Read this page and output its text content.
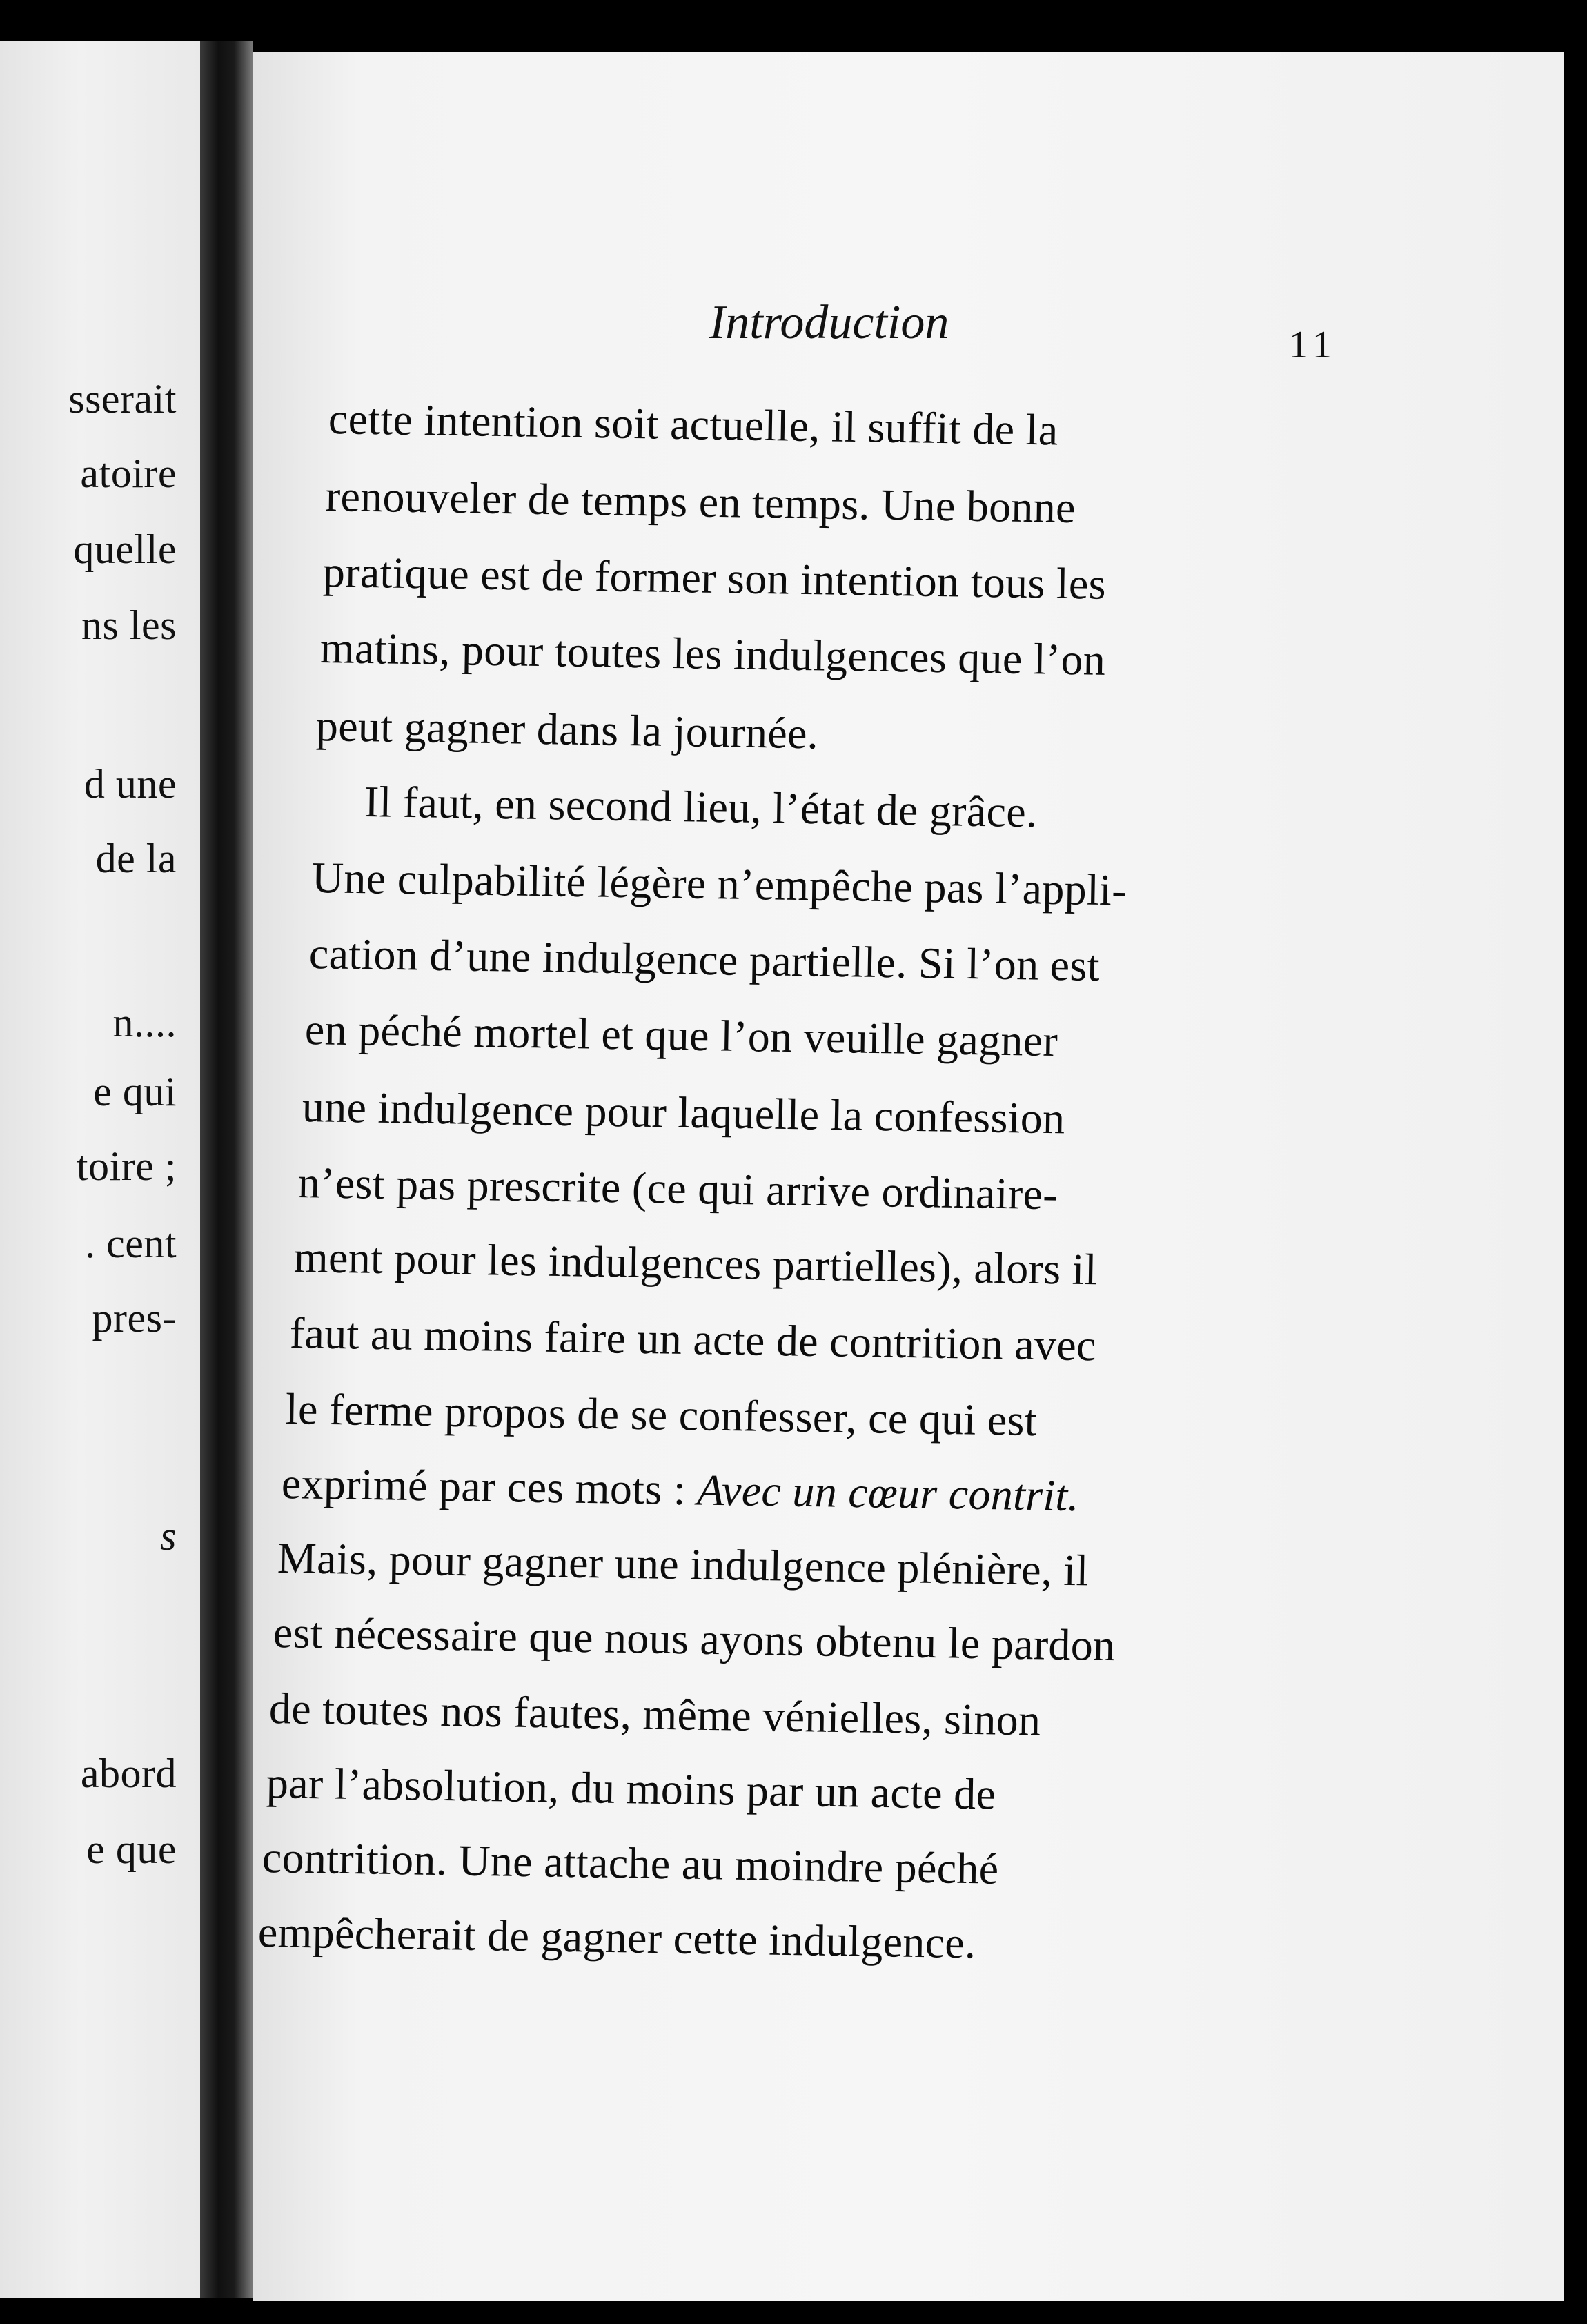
sserait
atoire
quelle
ns les
d une
de la
n....
e qui
toire ;
. cent
pres-
s
abord
e que
Introduction	11
cette intention soit actuelle, il suffit de la
renouveler de temps en temps. Une bonne
pratique est de former son intention tous les
matins, pour toutes les indulgences que l’on
peut gagner dans la journée.
Il faut, en second lieu, l’état de grâce.
Une culpabilité légère n’empêche pas l’appli-
cation d’une indulgence partielle. Si l’on est
en péché mortel et que l’on veuille gagner
une indulgence pour laquelle la confession
n’est pas prescrite (ce qui arrive ordinaire-
ment pour les indulgences partielles), alors il
faut au moins faire un acte de contrition avec
le ferme propos de se confesser, ce qui est
exprimé par ces mots : Avec un cœur contrit.
Mais, pour gagner une indulgence plénière, il
est nécessaire que nous ayons obtenu le pardon
de toutes nos fautes, même vénielles, sinon
par l’absolution, du moins par un acte de
contrition. Une attache au moindre péché
empêcherait de gagner cette indulgence.
